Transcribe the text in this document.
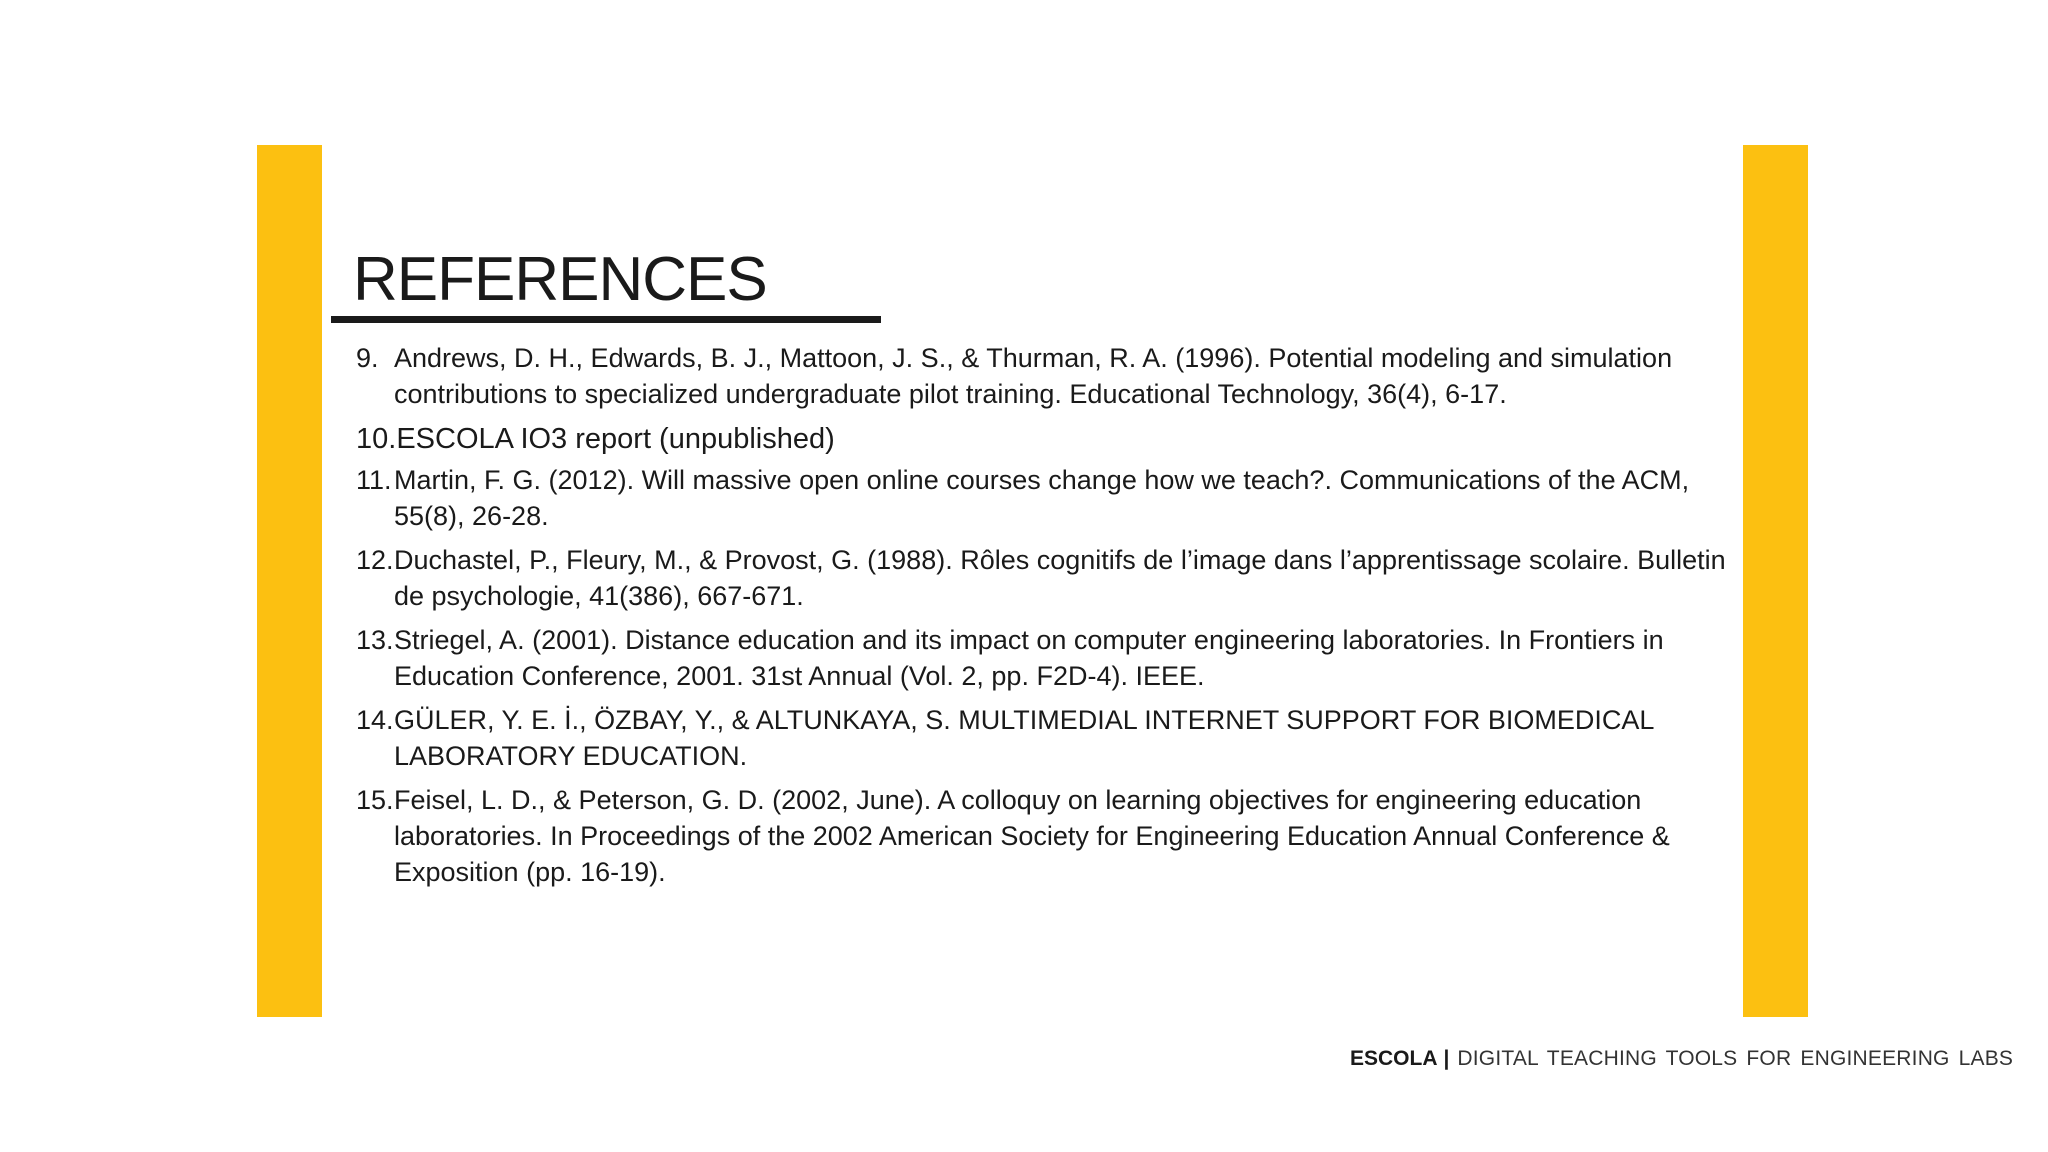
REFERENCES
9. Andrews, D. H., Edwards, B. J., Mattoon, J. S., & Thurman, R. A. (1996). Potential modeling and simulation contributions to specialized undergraduate pilot training. Educational Technology, 36(4), 6-17.
10.ESCOLA IO3 report (unpublished)
11. Martin, F. G. (2012). Will massive open online courses change how we teach?. Communications of the ACM, 55(8), 26-28.
12. Duchastel, P., Fleury, M., & Provost, G. (1988). Rôles cognitifs de l’image dans l’apprentissage scolaire. Bulletin de psychologie, 41(386), 667-671.
13. Striegel, A. (2001). Distance education and its impact on computer engineering laboratories. In Frontiers in Education Conference, 2001. 31st Annual (Vol. 2, pp. F2D-4). IEEE.
14. GÜLER, Y. E. İ., ÖZBAY, Y., & ALTUNKAYA, S. MULTIMEDIAL INTERNET SUPPORT FOR BIOMEDICAL LABORATORY EDUCATION.
15. Feisel, L. D., & Peterson, G. D. (2002, June). A colloquy on learning objectives for engineering education laboratories. In Proceedings of the 2002 American Society for Engineering Education Annual Conference & Exposition (pp. 16-19).
ESCOLA | DIGITAL TEACHING TOOLS FOR ENGINEERING LABS
